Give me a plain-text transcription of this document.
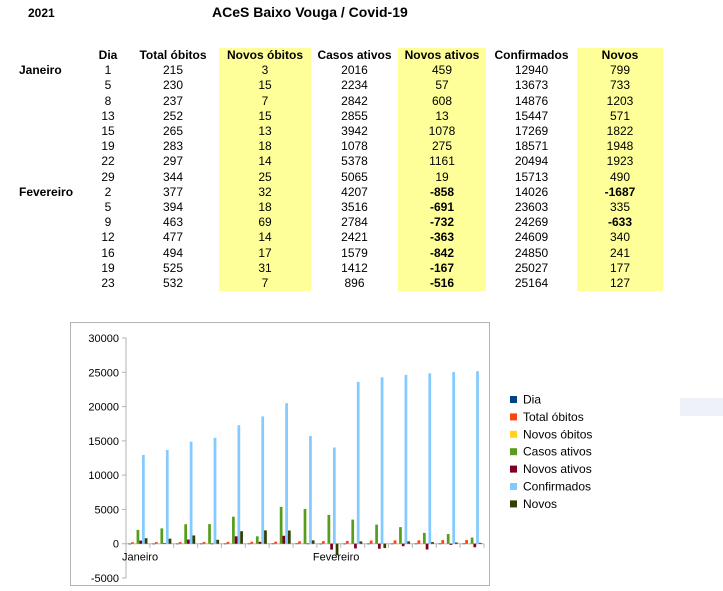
2021	ACeS Baixo Vouga / Covid-19
	Dia	Total óbitos	Novos óbitos	Casos ativos	Novos ativos	Confirmados	Novos
Janeiro	1	215	3	2016	459	12940	799
	5	230	15	2234	57	13673	733
	8	237	7	2842	608	14876	1203
	13	252	15	2855	13	15447	571
	15	265	13	3942	1078	17269	1822
	19	283	18	1078	275	18571	1948
	22	297	14	5378	1161	20494	1923
	29	344	25	5065	19	15713	490
Fevereiro	2	377	32	4207	-858	14026	-1687
	5	394	18	3516	-691	23603	335
	9	463	69	2784	-732	24269	-633
	12	477	14	2421	-363	24609	340
	16	494	17	1579	-842	24850	241
	19	525	31	1412	-167	25027	177
	23	532	7	896	-516	25164	127
30000
25000
20000
15000
10000
5000
0
-5000
Janeiro	Fevereiro
Dia
Total óbitos
Novos óbitos
Casos ativos
Novos ativos
Confirmados
Novos
